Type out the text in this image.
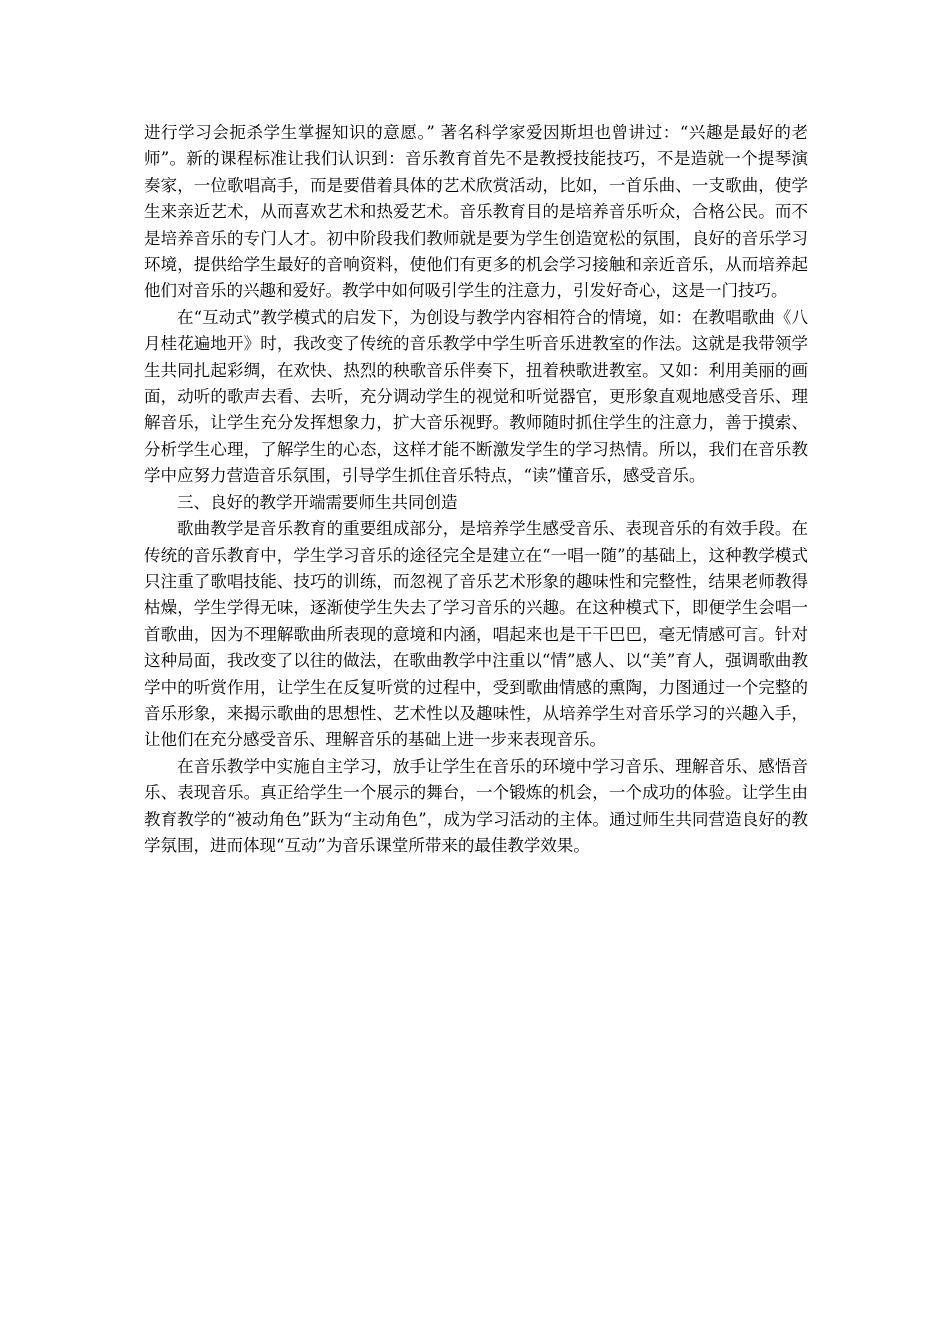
进行学习会扼杀学生掌握知识的意愿。” 著名科学家爱因斯坦也曾讲过：“兴趣是最好的老师”。新的课程标准让我们认识到：音乐教育首先不是教授技能技巧，不是造就一个提琴演奏家，一位歌唱高手，而是要借着具体的艺术欣赏活动，比如，一首乐曲、一支歌曲，使学生来亲近艺术，从而喜欢艺术和热爱艺术。音乐教育目的是培养音乐听众，合格公民。而不是培养音乐的专门人才。初中阶段我们教师就是要为学生创造宽松的氛围，良好的音乐学习环境，提供给学生最好的音响资料，使他们有更多的机会学习接触和亲近音乐，从而培养起他们对音乐的兴趣和爱好。教学中如何吸引学生的注意力，引发好奇心，这是一门技巧。

在“互动式”教学模式的启发下，为创设与教学内容相符合的情境，如：在教唱歌曲《八月桂花遍地开》时，我改变了传统的音乐教学中学生听音乐进教室的作法。这就是我带领学生共同扎起彩绸，在欢快、热烈的秧歌音乐伴奏下，扭着秧歌进教室。又如：利用美丽的画面，动听的歌声去看、去听，充分调动学生的视觉和听觉器官，更形象直观地感受音乐、理解音乐，让学生充分发挥想象力，扩大音乐视野。教师随时抓住学生的注意力，善于摸索、分析学生心理，了解学生的心态，这样才能不断激发学生的学习热情。所以，我们在音乐教学中应努力营造音乐氛围，引导学生抓住音乐特点，“读”懂音乐，感受音乐。

三、良好的教学开端需要师生共同创造

歌曲教学是音乐教育的重要组成部分，是培养学生感受音乐、表现音乐的有效手段。在传统的音乐教育中，学生学习音乐的途径完全是建立在“一唱一随”的基础上，这种教学模式只注重了歌唱技能、技巧的训练，而忽视了音乐艺术形象的趣味性和完整性，结果老师教得枯燥，学生学得无味，逐渐使学生失去了学习音乐的兴趣。在这种模式下，即便学生会唱一首歌曲，因为不理解歌曲所表现的意境和内涵，唱起来也是干干巴巴，毫无情感可言。针对这种局面，我改变了以往的做法，在歌曲教学中注重以“情”感人、以“美”育人，强调歌曲教学中的听赏作用，让学生在反复听赏的过程中，受到歌曲情感的熏陶，力图通过一个完整的音乐形象，来揭示歌曲的思想性、艺术性以及趣味性，从培养学生对音乐学习的兴趣入手，让他们在充分感受音乐、理解音乐的基础上进一步来表现音乐。

在音乐教学中实施自主学习，放手让学生在音乐的环境中学习音乐、理解音乐、感悟音乐、表现音乐。真正给学生一个展示的舞台，一个锻炼的机会，一个成功的体验。让学生由教育教学的“被动角色”跃为“主动角色”，成为学习活动的主体。通过师生共同营造良好的教学氛围，进而体现“互动”为音乐课堂所带来的最佳教学效果。
